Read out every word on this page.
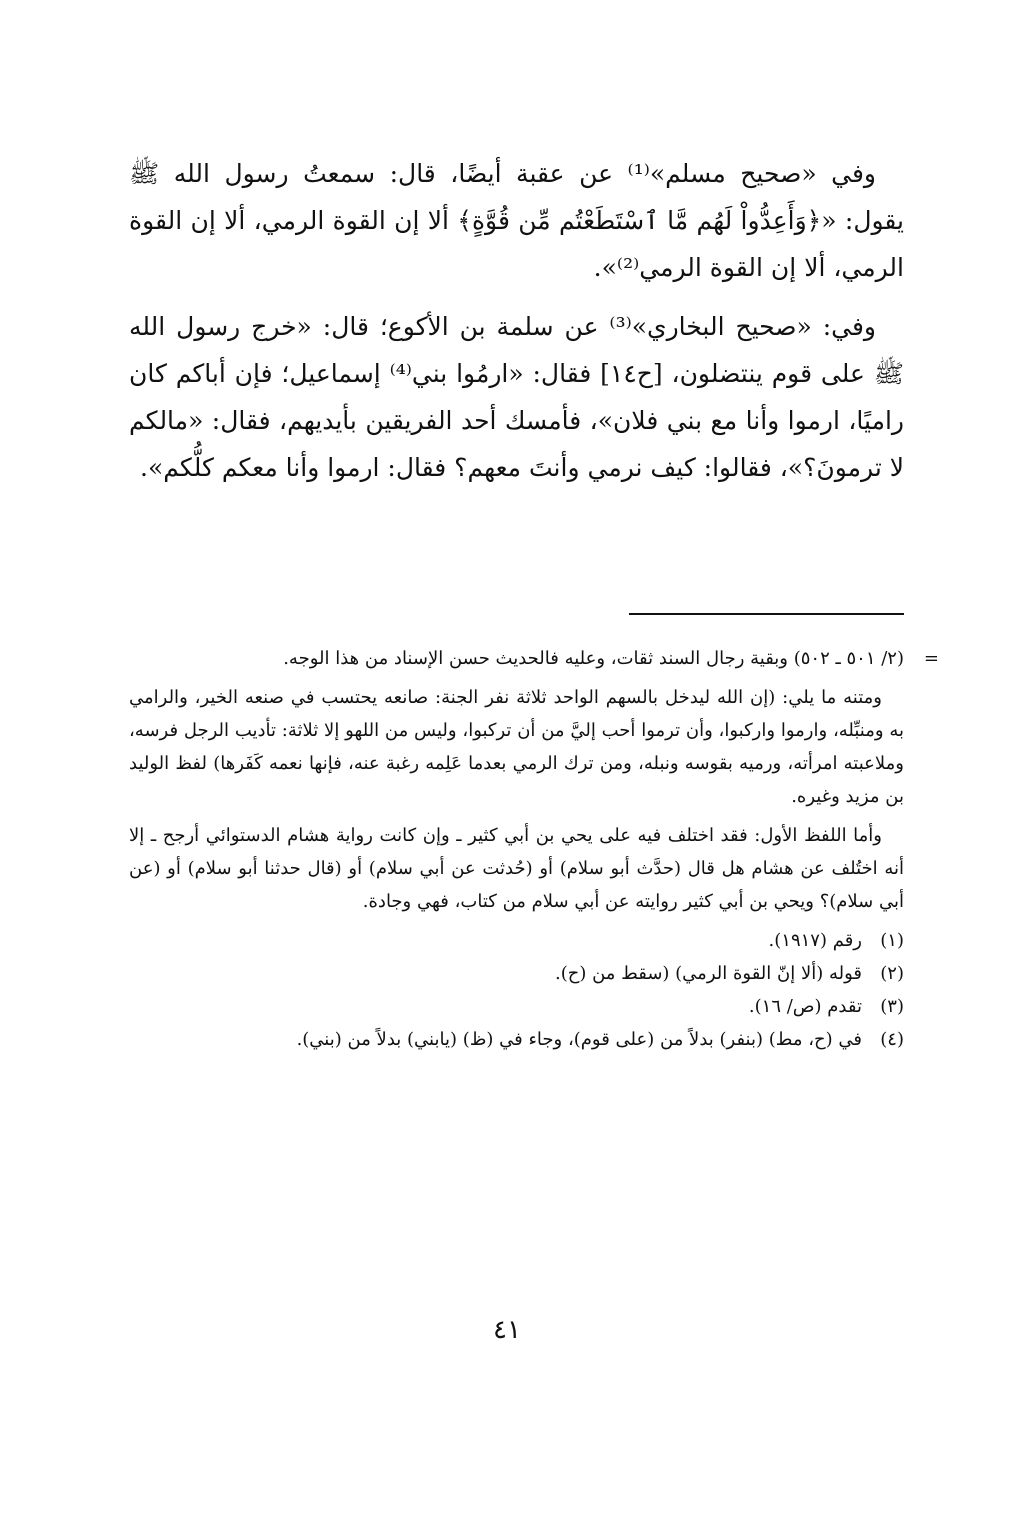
وفي «صحيح مسلم»⁽¹⁾ عن عقبة أيضًا، قال: سمعتُ رسول الله ﷺ يقول: «﴿وَأَعِدُّواْ لَهُم مَّا ٱسْتَطَعْتُم مِّن قُوَّةٍ﴾ ألا إن القوة الرمي، ألا إن القوة الرمي، ألا إن القوة الرمي⁽²⁾».

وفي: «صحيح البخاري»⁽³⁾ عن سلمة بن الأكوع؛ قال: «خرج رسول الله ﷺ على قوم ينتضلون، [ح١٤] فقال: «ارمُوا بني⁽⁴⁾ إسماعيل؛ فإن أباكم كان راميًا، ارموا وأنا مع بني فلان»، فأمسك أحد الفريقين بأيديهم، فقال: «مالكم لا ترمونَ؟»، فقالوا: كيف نرمي وأنتَ معهم؟ فقال: ارموا وأنا معكم كلُّكم».

=

(٢/ ٥٠١ ـ ٥٠٢) وبقية رجال السند ثقات، وعليه فالحديث حسن الإسناد من هذا الوجه.

ومتنه ما يلي: (إن الله ليدخل بالسهم الواحد ثلاثة نفر الجنة: صانعه يحتسب في صنعه الخير، والرامي به ومنبِّله، وارموا واركبوا، وأن ترموا أحب إليَّ من أن تركبوا، وليس من اللهو إلا ثلاثة: تأديب الرجل فرسه، وملاعبته امرأته، ورميه بقوسه ونبله، ومن ترك الرمي بعدما عَلِمه رغبة عنه، فإنها نعمه كَفَرها) لفظ الوليد بن مزيد وغيره.

وأما اللفظ الأول: فقد اختلف فيه على يحي بن أبي كثير ـ وإن كانت رواية هشام الدستوائي أرجح ـ إلا أنه اختُلف عن هشام هل قال (حدَّث أبو سلام) أو (حُدثت عن أبي سلام) أو (قال حدثنا أبو سلام) أو (عن أبي سلام)؟ ويحي بن أبي كثير روايته عن أبي سلام من كتاب، فهي وجادة.

(١)
رقم (١٩١٧).
(٢)
قوله (ألا إنّ القوة الرمي) (سقط من (ح).
(٣)
تقدم (ص/ ١٦).
(٤)
في (ح، مط) (بنفر) بدلاً من (على قوم)، وجاء في (ظ) (يابني) بدلاً من (بني).
٤١
